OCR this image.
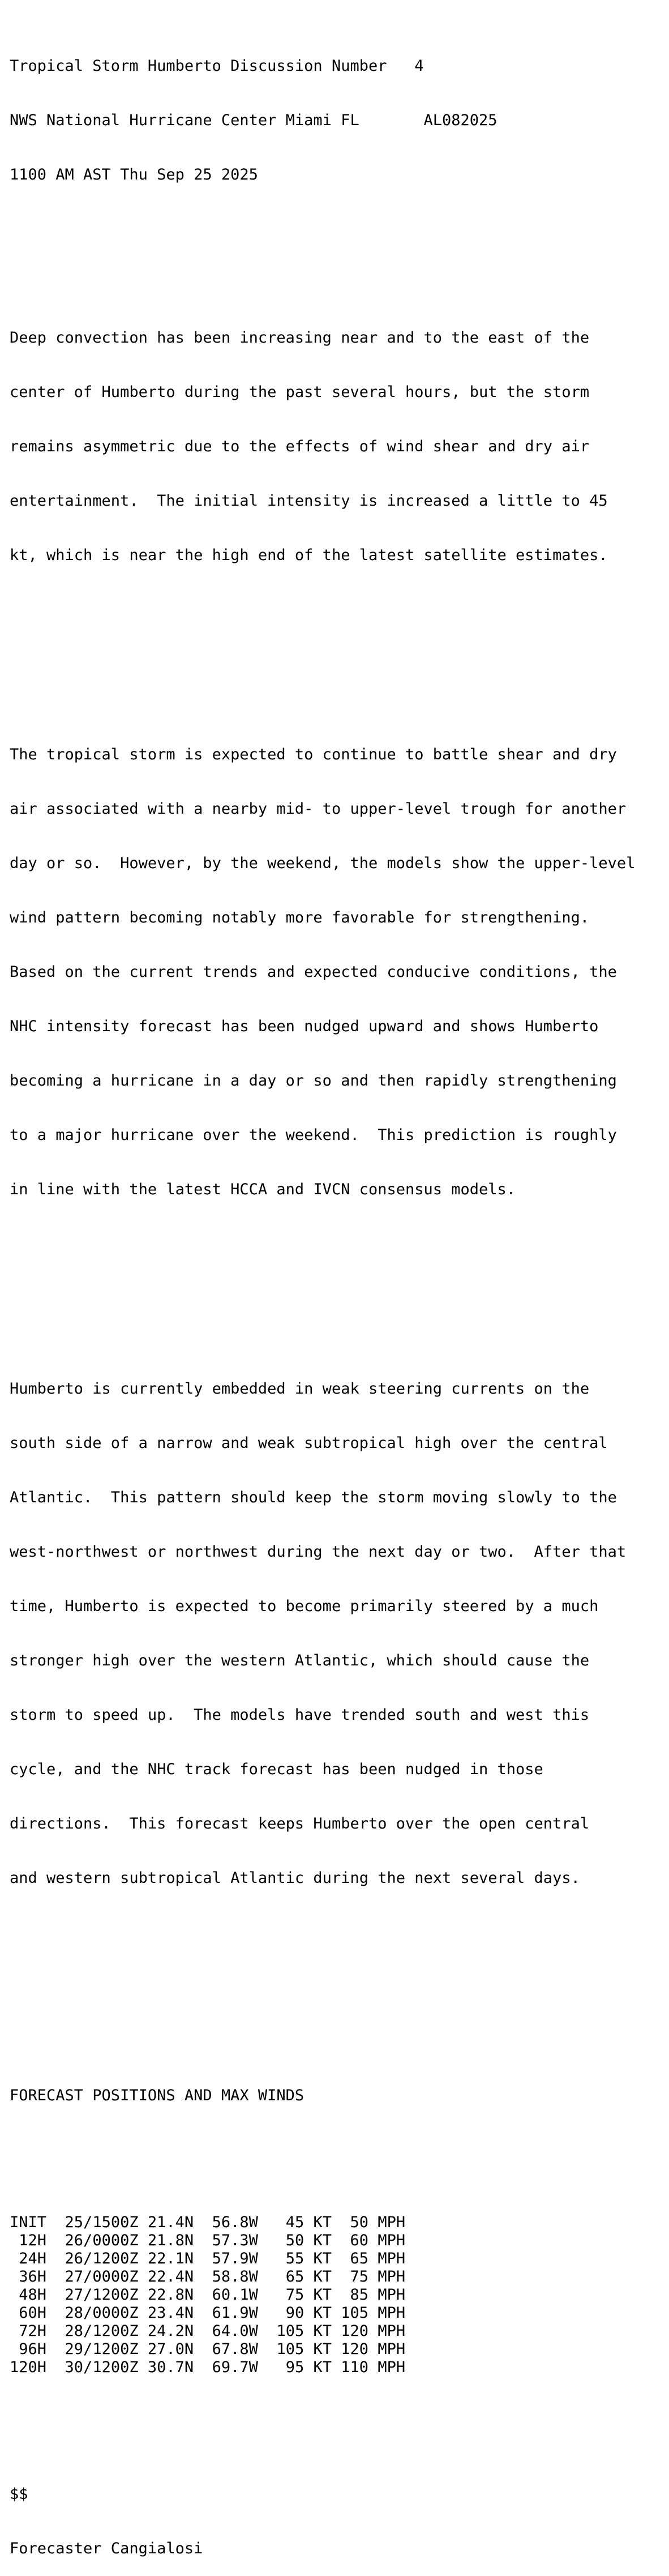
Tropical Storm Humberto Discussion Number   4

NWS National Hurricane Center Miami FL       AL082025

1100 AM AST Thu Sep 25 2025

Deep convection has been increasing near and to the east of the

center of Humberto during the past several hours, but the storm

remains asymmetric due to the effects of wind shear and dry air

entertainment.  The initial intensity is increased a little to 45

kt, which is near the high end of the latest satellite estimates.

The tropical storm is expected to continue to battle shear and dry

air associated with a nearby mid- to upper-level trough for another

day or so.  However, by the weekend, the models show the upper-level

wind pattern becoming notably more favorable for strengthening.

Based on the current trends and expected conducive conditions, the

NHC intensity forecast has been nudged upward and shows Humberto

becoming a hurricane in a day or so and then rapidly strengthening

to a major hurricane over the weekend.  This prediction is roughly

in line with the latest HCCA and IVCN consensus models.

Humberto is currently embedded in weak steering currents on the

south side of a narrow and weak subtropical high over the central

Atlantic.  This pattern should keep the storm moving slowly to the

west-northwest or northwest during the next day or two.  After that

time, Humberto is expected to become primarily steered by a much

stronger high over the western Atlantic, which should cause the

storm to speed up.  The models have trended south and west this

cycle, and the NHC track forecast has been nudged in those

directions.  This forecast keeps Humberto over the open central

and western subtropical Atlantic during the next several days.

FORECAST POSITIONS AND MAX WINDS

INIT 25/1500Z 21.4N 56.8W   45 KT  50 MPH
12H 26/0000Z 21.8N 57.3W   50 KT  60 MPH
24H 26/1200Z 22.1N 57.9W   55 KT  65 MPH
36H 27/0000Z 22.4N 58.8W   65 KT  75 MPH
48H 27/1200Z 22.8N 60.1W   75 KT  85 MPH
60H 28/0000Z 23.4N 61.9W   90 KT 105 MPH
72H 28/1200Z 24.2N 64.0W 105 KT 120 MPH
96H 29/1200Z 27.0N 67.8W 105 KT 120 MPH
120H 30/1200Z 30.7N 69.7W   95 KT 110 MPH

$$

Forecaster Cangialosi
